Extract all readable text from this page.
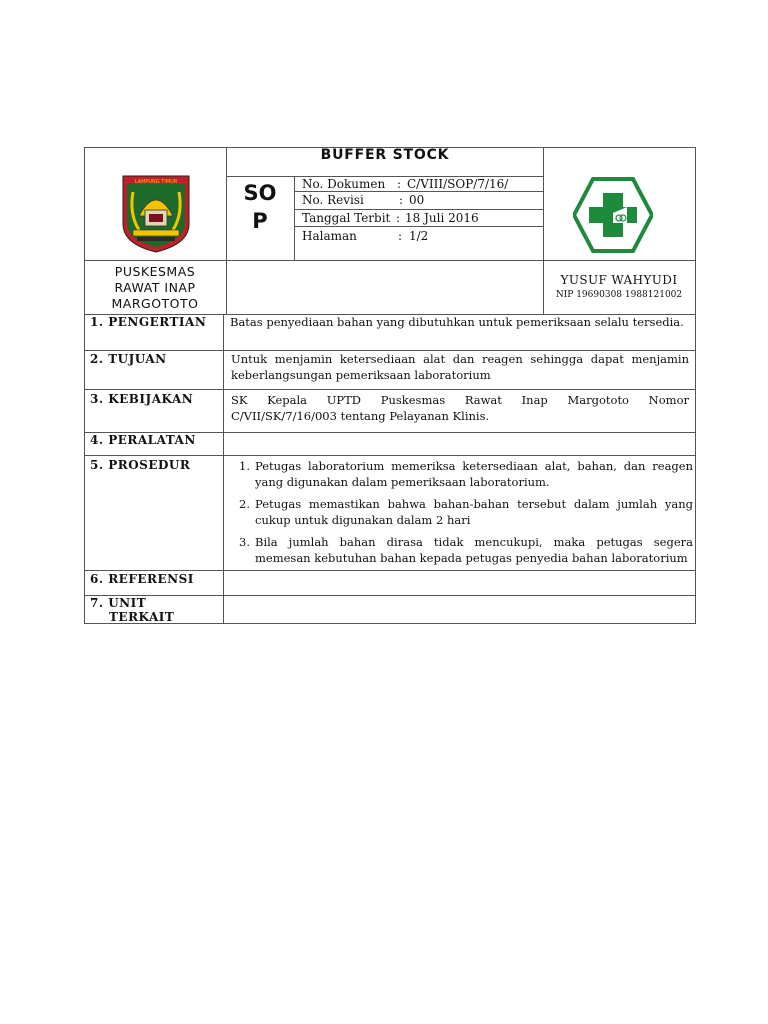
LAMPUNG TIMUR
BUFFER STOCK
SO
P
No. Dokumen : C/VIII/SOP/7/16/
No. Revisi	: 00
Tanggal Terbit : 18 Juli 2016
Halaman	: 1/2
PUSKESMAS
RAWAT INAP
MARGOTOTO
YUSUF WAHYUDI
NIP 19690308 1988121002
1. PENGERTIAN Batas penyediaan bahan yang dibutuhkan untuk pemeriksaan selalu tersedia.
2. TUJUAN	Untuk menjamin ketersediaan alat dan reagen sehingga dapat menjamin
keberlangsungan pemeriksaan laboratorium
3. KEBIJAKAN	SK Kepala UPTD Puskesmas Rawat Inap Margototo Nomor
C/VII/SK/7/16/003 tentang Pelayanan Klinis.
4. PERALATAN
5. PROSEDUR	1. Petugas laboratorium memeriksa ketersediaan alat, bahan, dan reagen
yang digunakan dalam pemeriksaan laboratorium.
2. Petugas memastikan bahwa bahan-bahan tersebut dalam jumlah yang
cukup untuk digunakan dalam 2 hari
3. Bila jumlah bahan dirasa tidak mencukupi, maka petugas segera
memesan kebutuhan bahan kepada petugas penyedia bahan laboratorium
6. REFERENSI
7. UNIT
TERKAIT
